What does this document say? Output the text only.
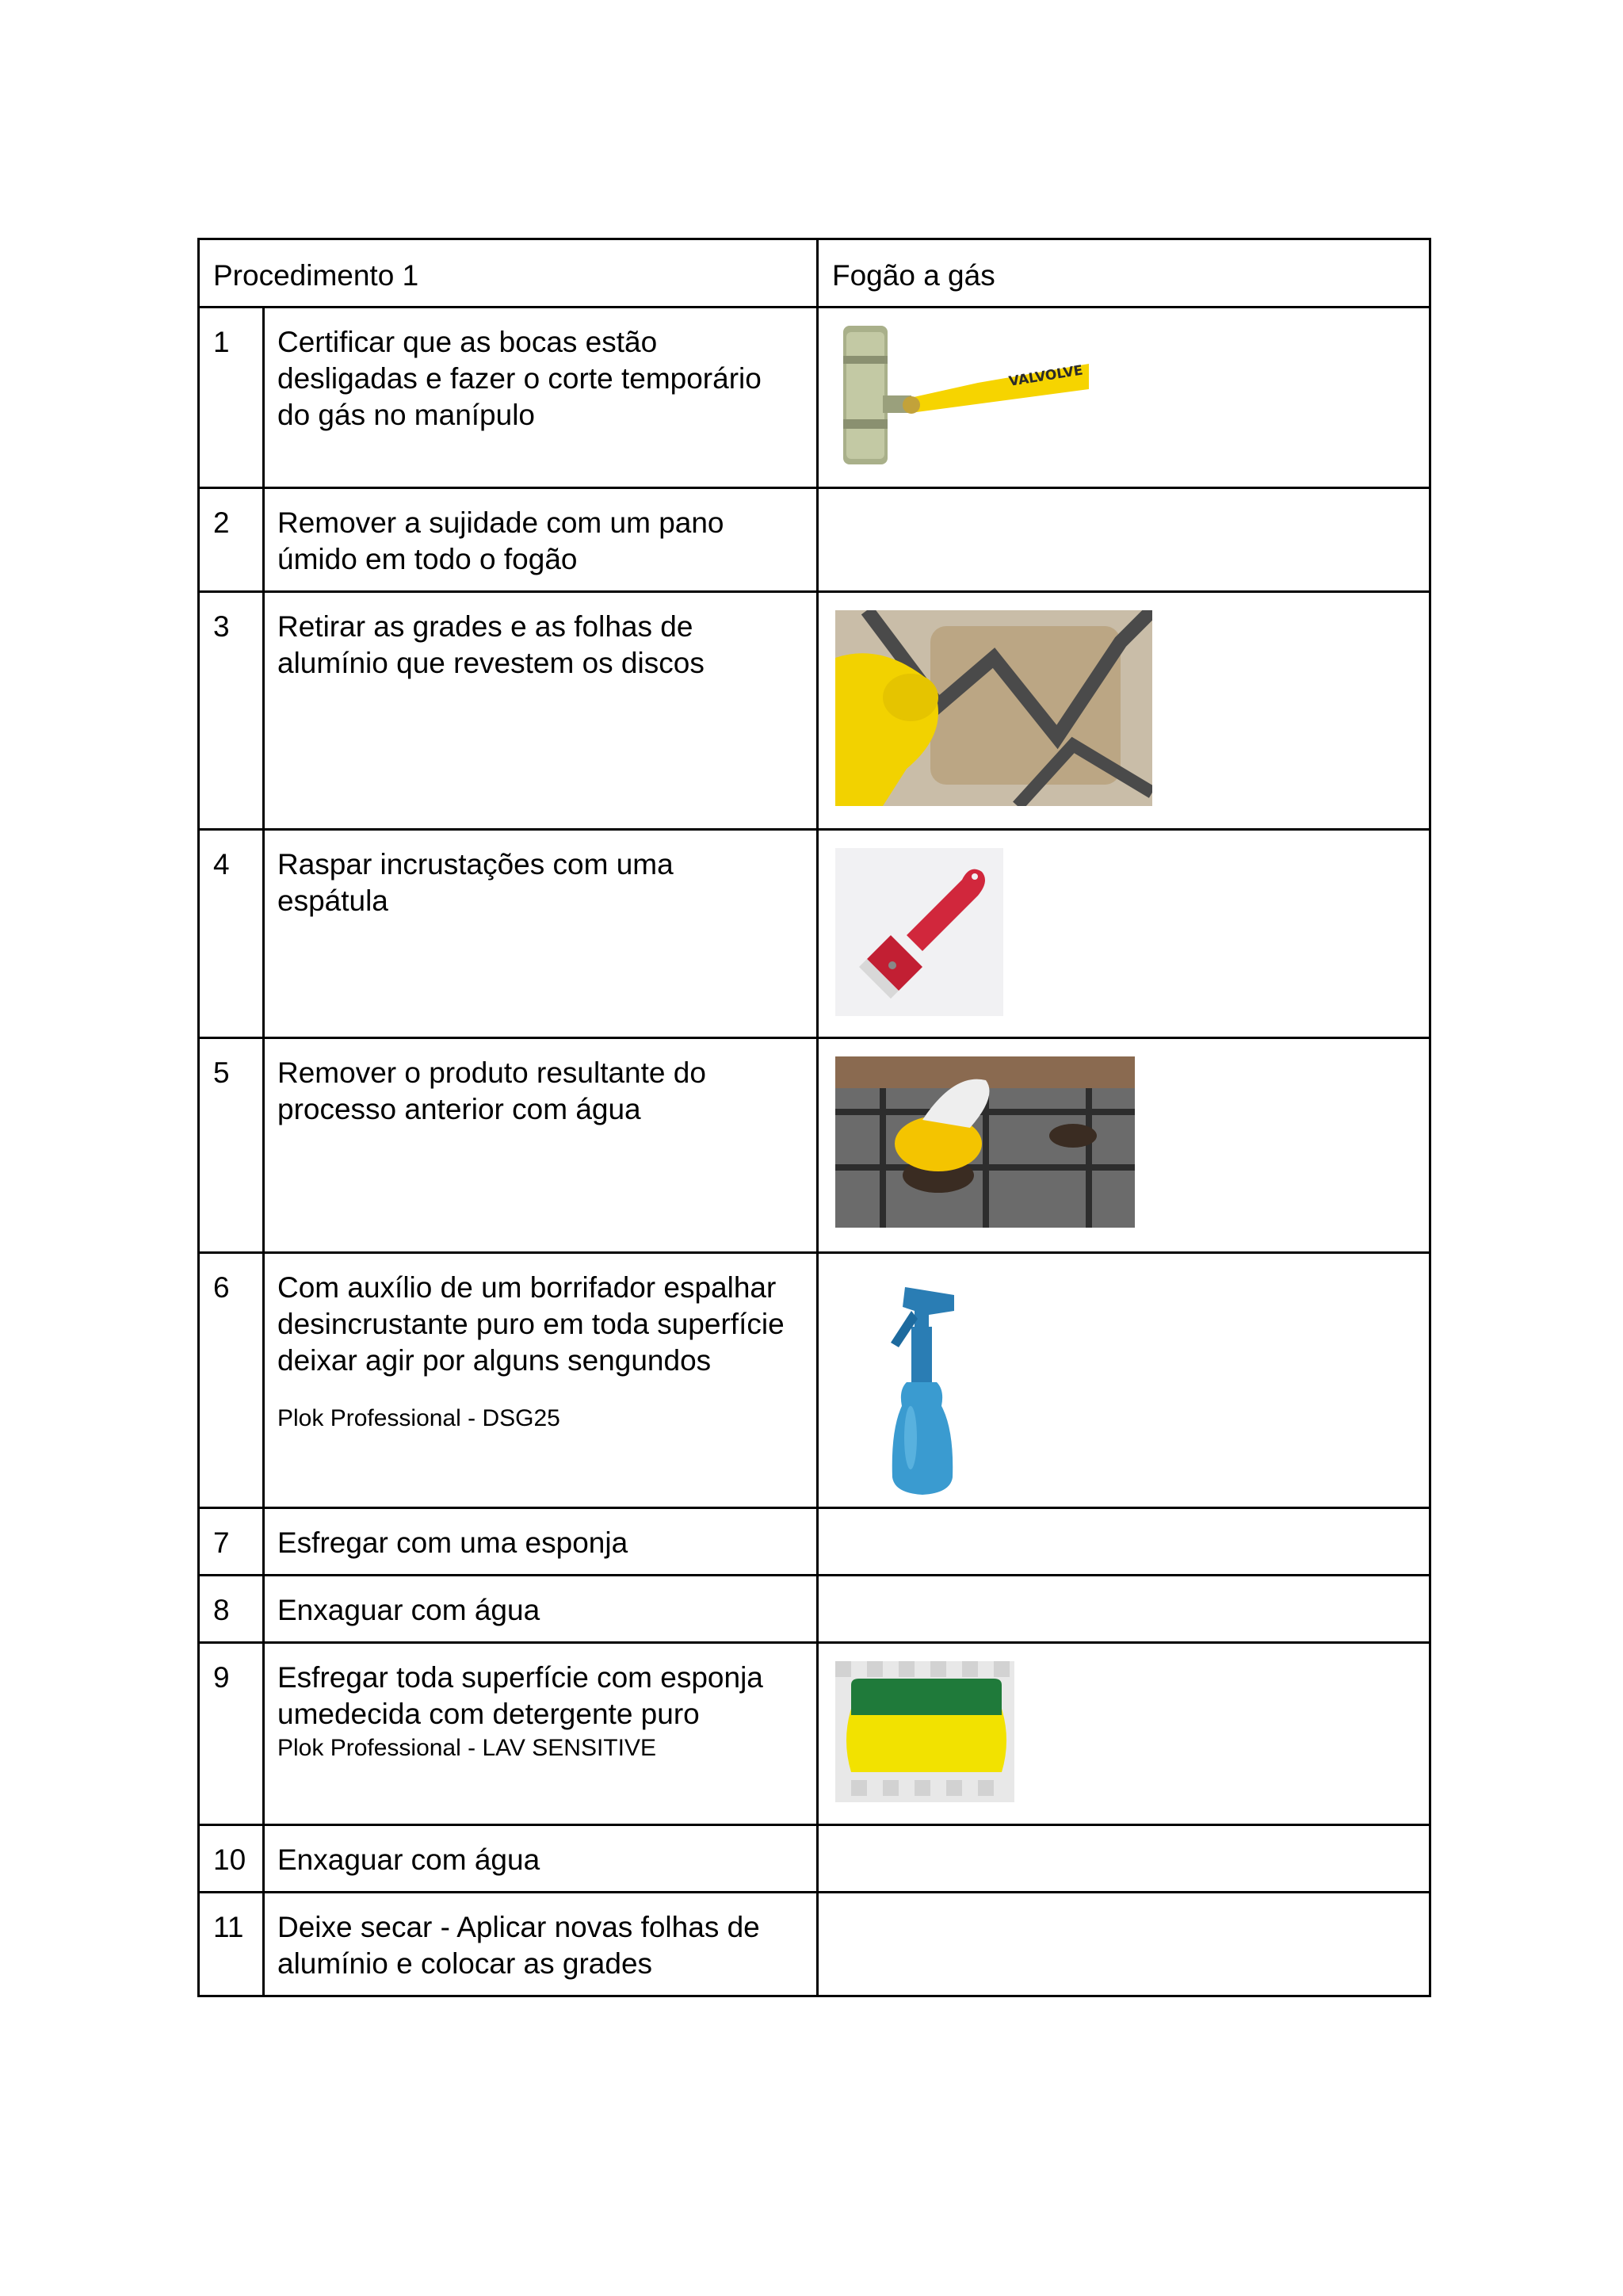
Procedimento 1		Fogão a gás
1	Certificar que as bocas estão
desligadas e fazer o corte temporário
do gás no manípulo	VALVOLVE

2	Remover a sujidade com um pano
úmido em todo o fogão	

3	Retirar as grades e as folhas de
alumínio que revestem os discos

4	Raspar incrustações com uma
espátula

5	Remover o produto resultante do
processo anterior com água

6	Com auxílio de um borrifador espalhar
desincrustante puro em toda superfície
deixar agir por alguns sengundos
Plok Professional - DSG25

7	Esfregar com uma esponja	

8	Enxaguar com água	

9	Esfregar toda superfície com esponja
umedecida com detergente puro
Plok Professional - LAV SENSITIVE

10	Enxaguar com água	

11	Deixe secar - Aplicar novas folhas de
alumínio e colocar as grades	
